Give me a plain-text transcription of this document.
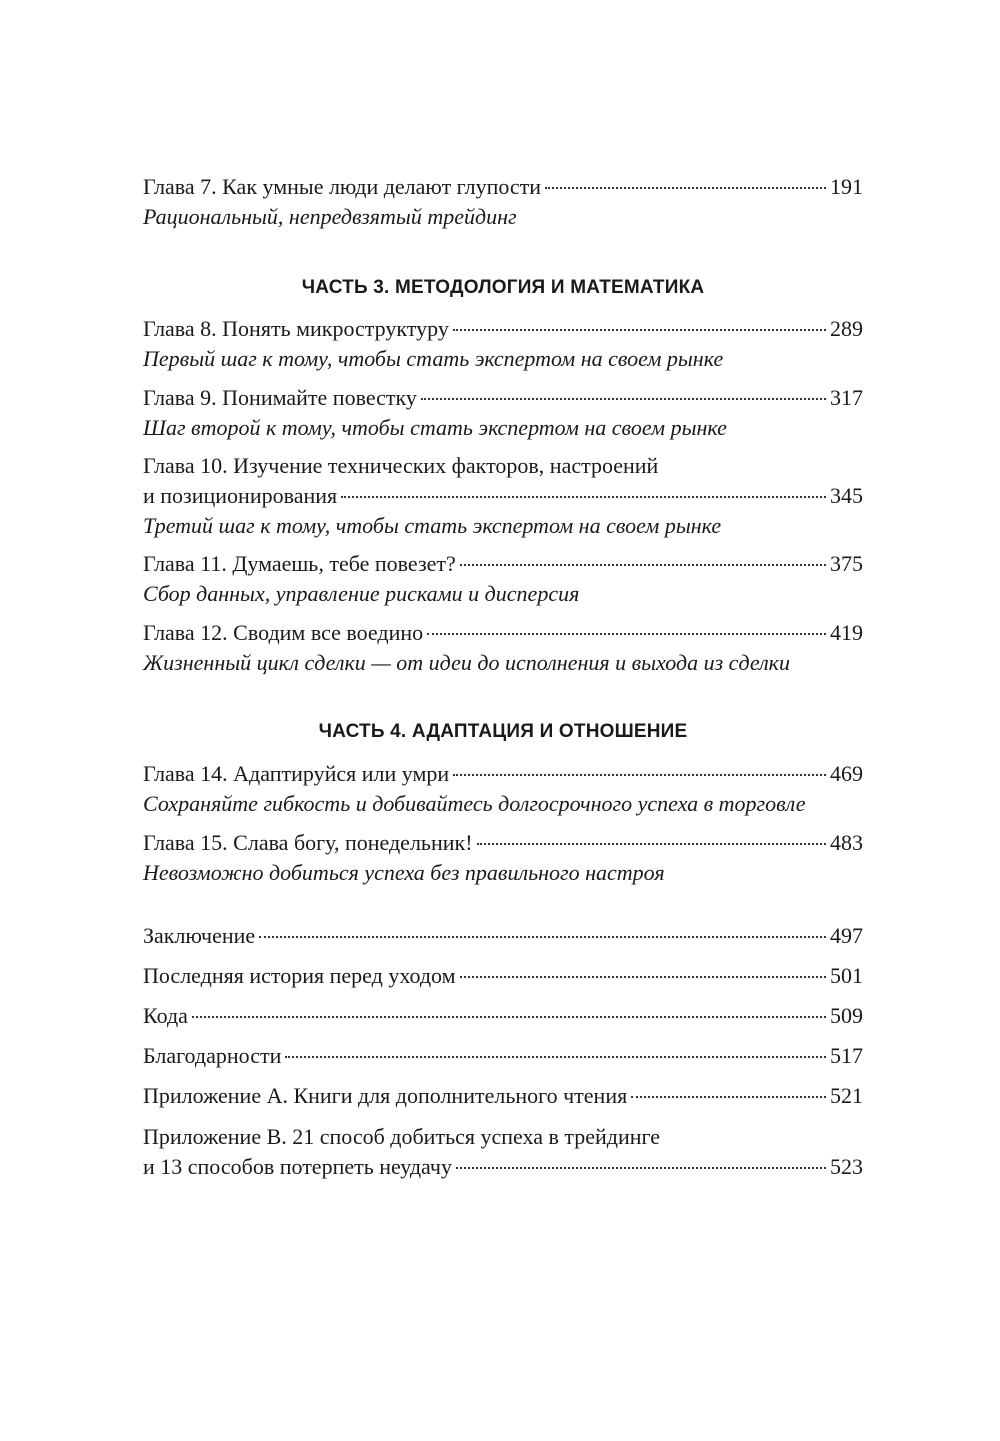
Глава 7. Как умные люди делают глупости	191
Рациональный, непредвзятый трейдинг
ЧАСТЬ 3. МЕТОДОЛОГИЯ И МАТЕМАТИКА
Глава 8. Понять микроструктуру	289
Первый шаг к тому, чтобы стать экспертом на своем рынке
Глава 9. Понимайте повестку	317
Шаг второй к тому, чтобы стать экспертом на своем рынке
Глава 10. Изучение технических факторов, настроений
и позиционирования	345
Третий шаг к тому, чтобы стать экспертом на своем рынке
Глава 11. Думаешь, тебе повезет?	375
Сбор данных, управление рисками и дисперсия
Глава 12. Сводим все воедино	419
Жизненный цикл сделки — от идеи до исполнения и выхода из сделки
ЧАСТЬ 4. АДАПТАЦИЯ И ОТНОШЕНИЕ
Глава 14. Адаптируйся или умри	469
Сохраняйте гибкость и добивайтесь долгосрочного успеха в торговле
Глава 15. Слава богу, понедельник!	483
Невозможно добиться успеха без правильного настроя
Заключение	497
Последняя история перед уходом	501
Кода	509
Благодарности	517
Приложение A. Книги для дополнительного чтения	521
Приложение B. 21 способ добиться успеха в трейдинге
и 13 способов потерпеть неудачу	523
